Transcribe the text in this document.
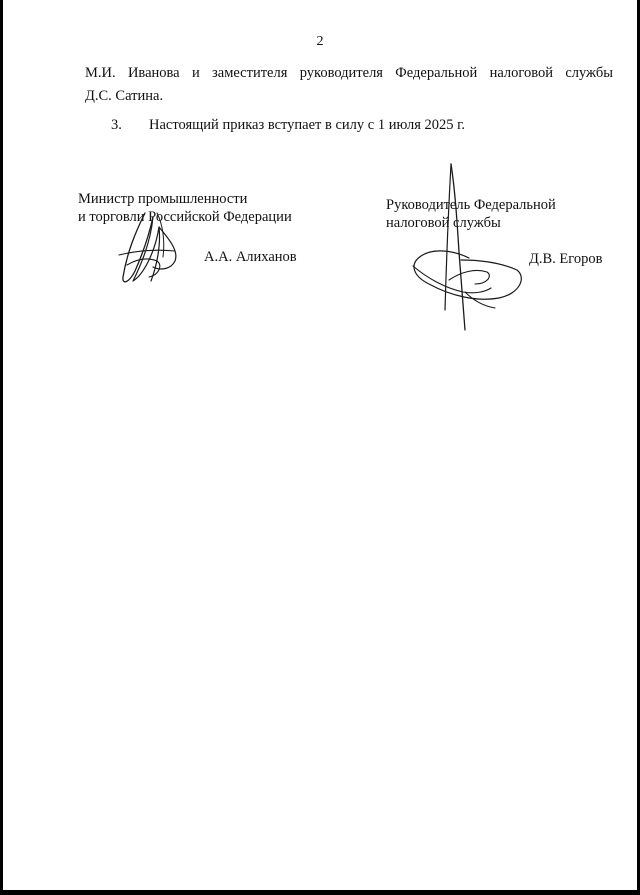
2
М.И. Иванова и заместителя руководителя Федеральной налоговой службы
Д.С. Сатина.
3. Настоящий приказ вступает в силу с 1 июля 2025 г.
Министр промышленности
и торговли Российской Федерации
А.А. Алиханов
Руководитель Федеральной
налоговой службы
Д.В. Егоров
